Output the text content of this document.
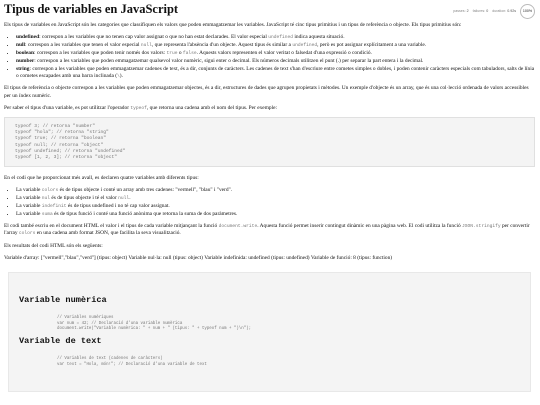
Tipus de variables en JavaScript	passes: 2 failures: 0 duration: 0.92s	100%

Els tipus de variables en JavaScript són les categories que classifiquen els valors que poden emmagatzemar les variables. JavaScript té cinc tipus primitius i un tipus de referència o objecte. Els tipus primitius són:

• undefined: correspon a les variables que no tenen cap valor assignat o que no han estat declarades. El valor especial undefined indica aquesta situació.
• null: correspon a les variables que tenen el valor especial null, que representa l'absència d'un objecte. Aquest tipus és similar a undefined, però es pot assignar explícitament a una variable.
• boolean: correspon a les variables que poden tenir només dos valors: true o false. Aquests valors representen el valor veritat o falsedat d'una expressió o condició.
• number: correspon a les variables que poden emmagatzemar qualsevol valor numèric, sigui enter o decimal. Els números decimals utilitzen el punt (.) per separar la part entera i la decimal.
• string: correspon a les variables que poden emmagatzemar cadenes de text, és a dir, conjunts de caràcters. Les cadenes de text s'han d'escriure entre cometes simples o dobles, i poden contenir caràcters especials com tabuladors, salts de línia o cometes escapades amb una barra inclinada (\).

El tipus de referència o objecte correspon a les variables que poden emmagatzemar objectes, és a dir, estructures de dades que agrupen propietats i mètodes. Un exemple d'objecte és un array, que és una col·lecció ordenada de valors accessibles per un índex numèric.

Per saber el tipus d'una variable, es pot utilitzar l'operador typeof, que retorna una cadena amb el nom del tipus. Per exemple:

typeof 3; // retorna "number"
typeof "hola"; // retorna "string"
typeof true; // retorna "boolean"
typeof null; // retorna "object"
typeof undefined; // retorna "undefined"
typeof [1, 2, 3]; // retorna "object"

En el codi que he proporcionat més avall, es declaren quatre variables amb diferents tipus:

• La variable colors és de tipus objecte i conté un array amb tres cadenes: "vermell", "blau" i "verd".
• La variable nul és de tipus objecte i té el valor null.
• La variable indefinit és de tipus undefined i no té cap valor assignat.
• La variable suma és de tipus funció i conté una funció anònima que retorna la suma de dos paràmetres.

El codi també escriu en el document HTML el valor i el tipus de cada variable mitjançant la funció document.write. Aquesta funció permet inserir contingut dinàmic en una pàgina web. El codi utilitza la funció JSON.stringify per convertir l'array colors en una cadena amb format JSON, que facilita la seva visualització.

Els resultats del codi HTML són els següents:

Variable d'array: ["vermell","blau","verd"] (tipus: object) Variable nul·la: null (tipus: object) Variable indefinida: undefined (tipus: undefined) Variable de funció: 8 (tipus: function)

Variable numèrica
// Variables numèriques
var num = 42; // Declaració d'una variable numèrica
document.write("Variable numèrica: " + num + " (tipus: " + typeof num + ")\n");
Variable de text
// Variables de text (cadenes de caràcters)
var text = "Hola, món!"; // Declaració d'una variable de text
